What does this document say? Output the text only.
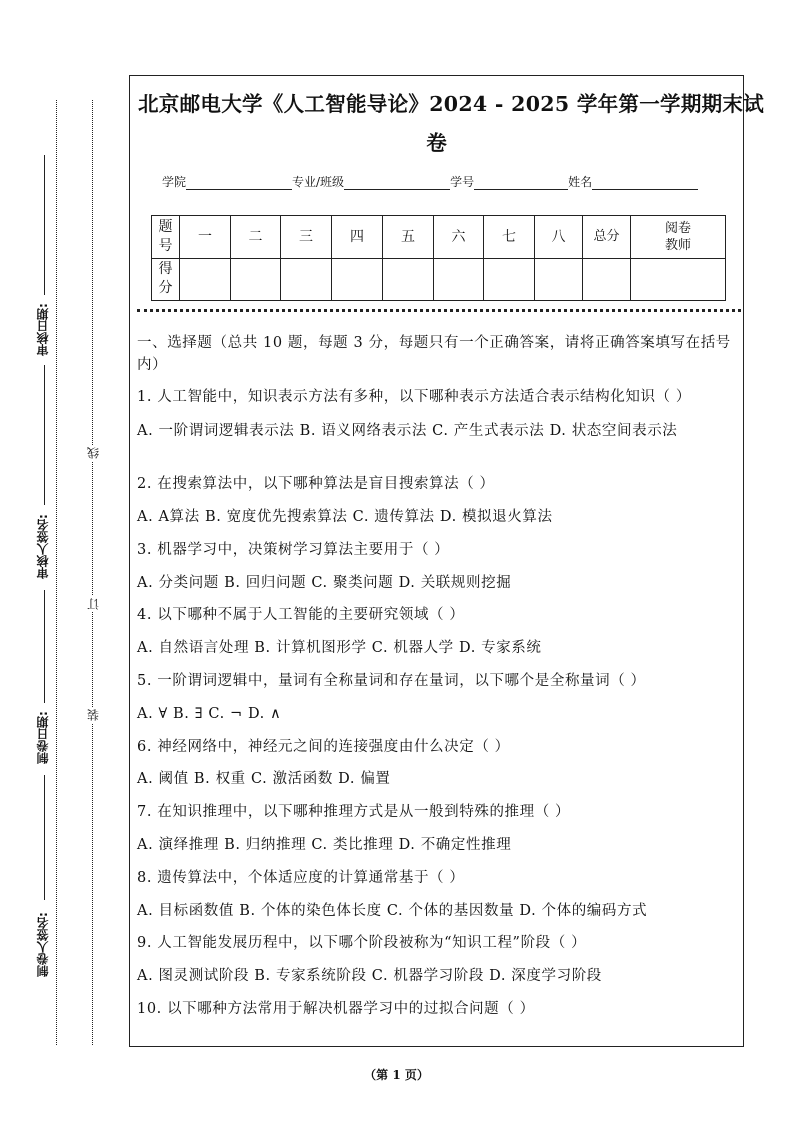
审核日期:
审核人签名:
制卷日期:
制卷人签名:
线
订
装
北京邮电大学《人工智能导论》2024 - 2025 学年第一学期期末试
卷
学院	专业/班级	学号	姓名
题号	一	二	三	四	五	六	七	八	总分	阅卷教师
得分										
一、选择题（总共 10 题，每题 3 分，每题只有一个正确答案，请将正确答案填写在括号内）
1. 人工智能中，知识表示方法有多种，以下哪种表示方法适合表示结构化知识（ ）
A. 一阶谓词逻辑表示法 B. 语义网络表示法 C. 产生式表示法 D. 状态空间表示法
2. 在搜索算法中，以下哪种算法是盲目搜索算法（ ）
A. A算法 B. 宽度优先搜索算法 C. 遗传算法 D. 模拟退火算法
3. 机器学习中，决策树学习算法主要用于（ ）
A. 分类问题 B. 回归问题 C. 聚类问题 D. 关联规则挖掘
4. 以下哪种不属于人工智能的主要研究领域（ ）
A. 自然语言处理 B. 计算机图形学 C. 机器人学 D. 专家系统
5. 一阶谓词逻辑中，量词有全称量词和存在量词，以下哪个是全称量词（ ）
A. ∀ B. ∃ C. ¬ D. ∧
6. 神经网络中，神经元之间的连接强度由什么决定（ ）
A. 阈值 B. 权重 C. 激活函数 D. 偏置
7. 在知识推理中，以下哪种推理方式是从一般到特殊的推理（ ）
A. 演绎推理 B. 归纳推理 C. 类比推理 D. 不确定性推理
8. 遗传算法中，个体适应度的计算通常基于（ ）
A. 目标函数值 B. 个体的染色体长度 C. 个体的基因数量 D. 个体的编码方式
9. 人工智能发展历程中，以下哪个阶段被称为“知识工程”阶段（ ）
A. 图灵测试阶段 B. 专家系统阶段 C. 机器学习阶段 D. 深度学习阶段
10. 以下哪种方法常用于解决机器学习中的过拟合问题（ ）
（第 1 页）
